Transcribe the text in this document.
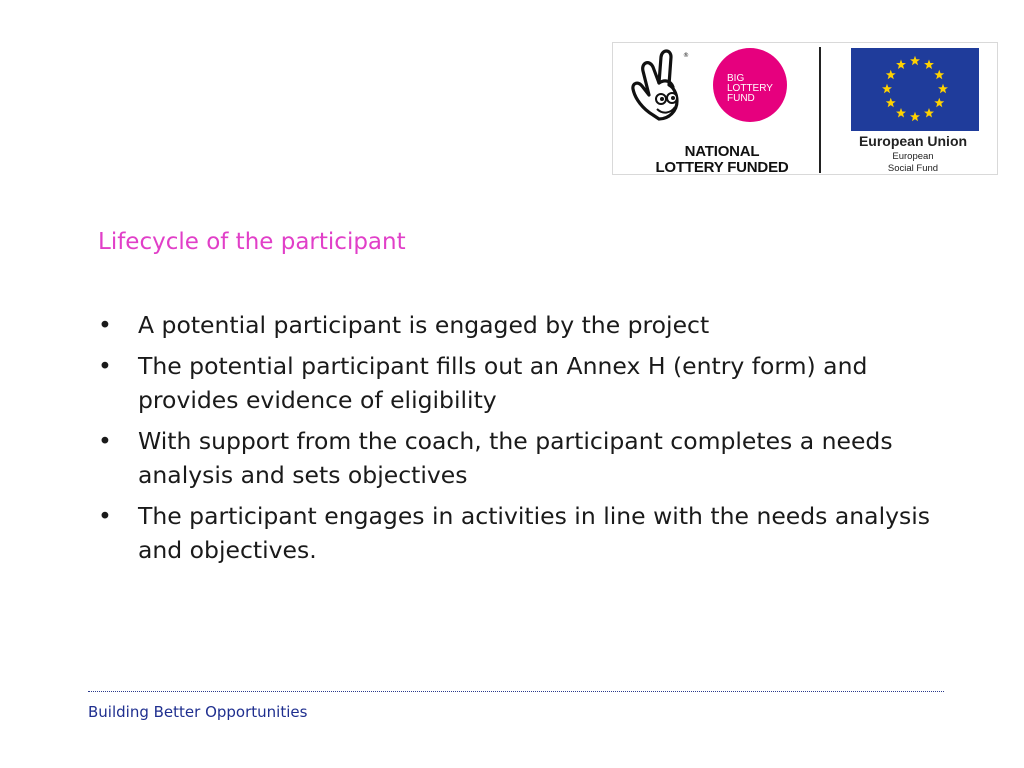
®
NATIONAL
LOTTERY FUNDED
BIG
LOTTERY
FUND
European Union
European
Social Fund
Lifecycle of the participant
• A potential participant is engaged by the project
• The potential participant fills out an Annex H (entry form) and provides evidence of eligibility
• With support from the coach, the participant completes a needs analysis and sets objectives
• The participant engages in activities in line with the needs analysis and objectives.
Building Better Opportunities
